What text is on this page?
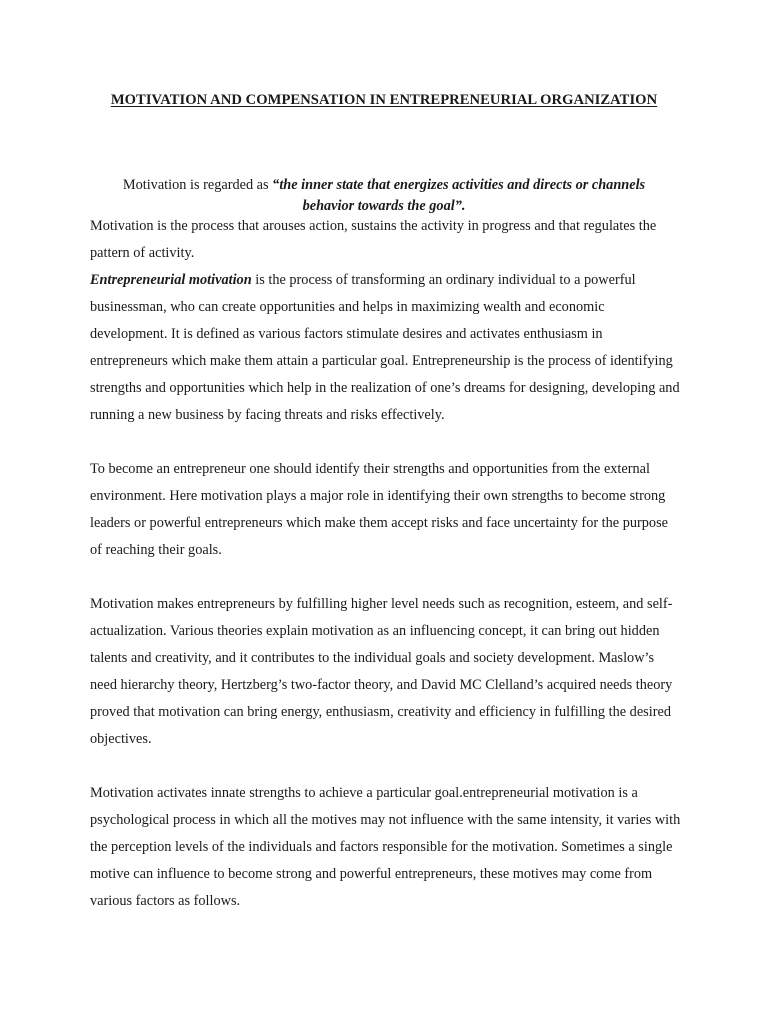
MOTIVATION AND COMPENSATION IN ENTREPRENEURIAL ORGANIZATION
Motivation is regarded as “the inner state that energizes activities and directs or channels behavior towards the goal”.

Motivation is the process that arouses action, sustains the activity in progress and that regulates the pattern of activity.

Entrepreneurial motivation is the process of transforming an ordinary individual to a powerful businessman, who can create opportunities and helps in maximizing wealth and economic development. It is defined as various factors stimulate desires and activates enthusiasm in entrepreneurs which make them attain a particular goal. Entrepreneurship is the process of identifying strengths and opportunities which help in the realization of one’s dreams for designing, developing and running a new business by facing threats and risks effectively.

To become an entrepreneur one should identify their strengths and opportunities from the external environment. Here motivation plays a major role in identifying their own strengths to become strong leaders or powerful entrepreneurs which make them accept risks and face uncertainty for the purpose of reaching their goals.

Motivation makes entrepreneurs by fulfilling higher level needs such as recognition, esteem, and self-actualization. Various theories explain motivation as an influencing concept, it can bring out hidden talents and creativity, and it contributes to the individual goals and society development. Maslow’s need hierarchy theory, Hertzberg’s two-factor theory, and David MC Clelland’s acquired needs theory proved that motivation can bring energy, enthusiasm, creativity and efficiency in fulfilling the desired objectives.

Motivation activates innate strengths to achieve a particular goal.entrepreneurial motivation is a psychological process in which all the motives may not influence with the same intensity, it varies with the perception levels of the individuals and factors responsible for the motivation. Sometimes a single motive can influence to become strong and powerful entrepreneurs, these motives may come from various factors as follows.
